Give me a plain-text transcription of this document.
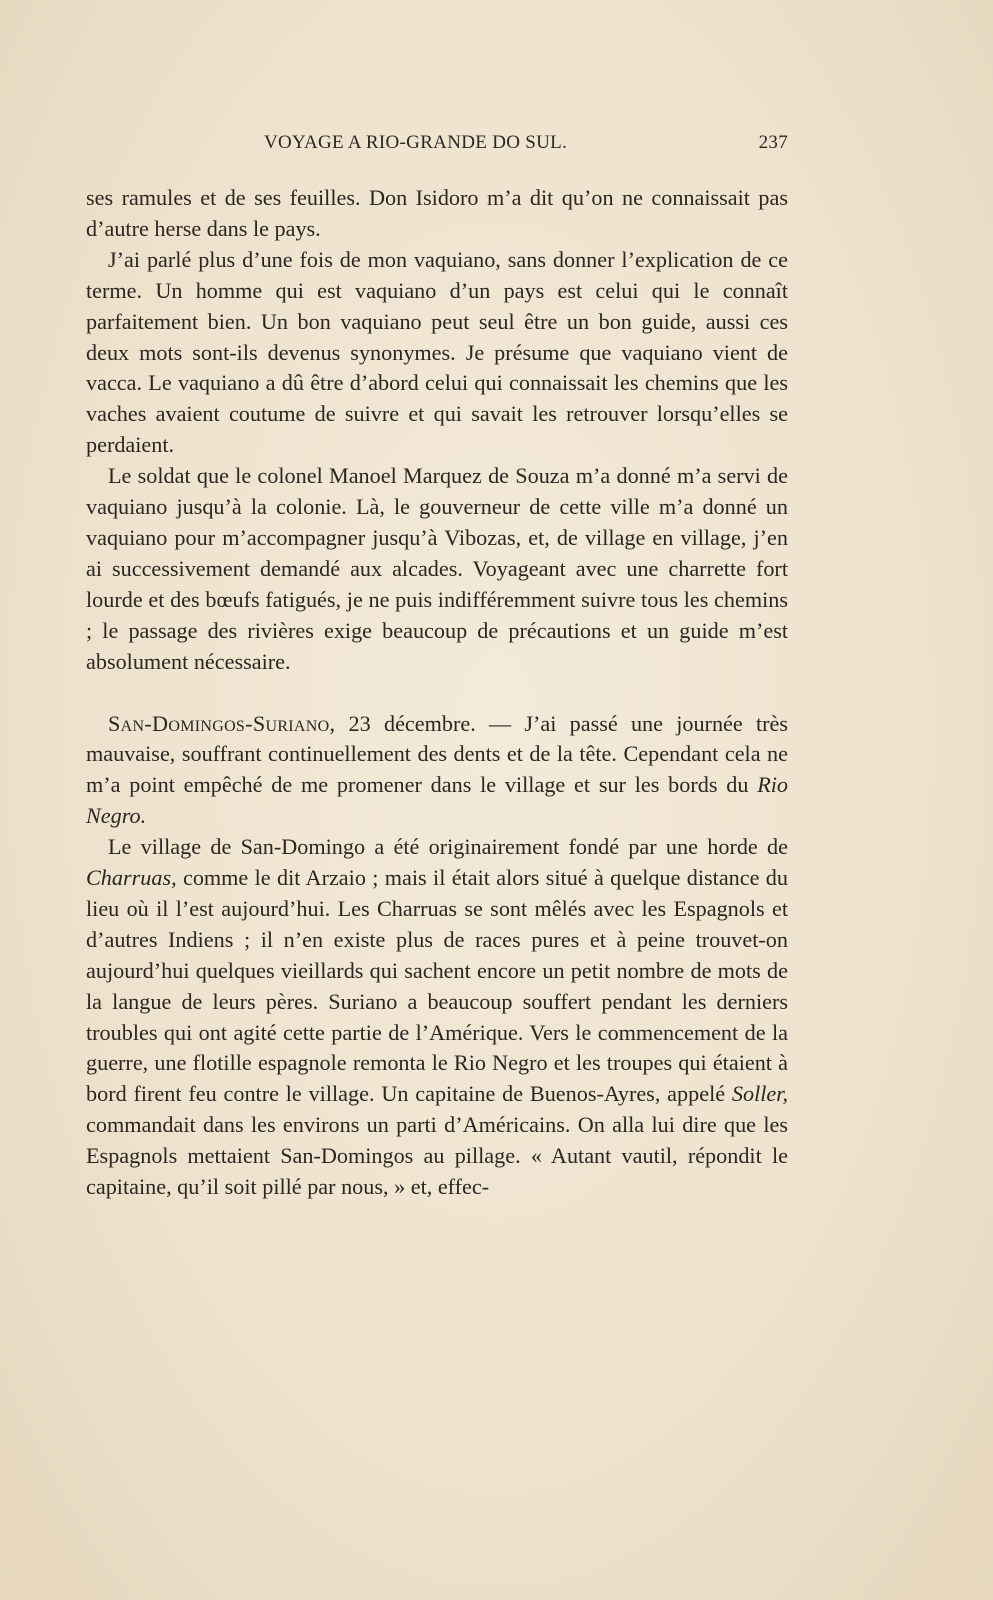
VOYAGE A RIO-GRANDE DO SUL.	237

ses ramules et de ses feuilles. Don Isidoro m’a dit qu’on ne connaissait pas d’autre herse dans le pays.

J’ai parlé plus d’une fois de mon vaquiano, sans donner l’explication de ce terme. Un homme qui est vaquiano d’un pays est celui qui le connaît parfaitement bien. Un bon vaquiano peut seul être un bon guide, aussi ces deux mots sont-ils devenus synonymes. Je présume que vaquiano vient de vacca. Le vaquiano a dû être d’abord celui qui connaissait les chemins que les vaches avaient coutume de suivre et qui savait les retrouver lorsqu’elles se perdaient.

Le soldat que le colonel Manoel Marquez de Souza m’a donné m’a servi de vaquiano jusqu’à la colonie. Là, le gouverneur de cette ville m’a donné un vaquiano pour m’accompagner jusqu’à Vibozas, et, de village en village, j’en ai successivement demandé aux alcades. Voyageant avec une charrette fort lourde et des bœufs fatigués, je ne puis indifféremment suivre tous les chemins ; le passage des rivières exige beaucoup de précautions et un guide m’est absolument nécessaire.

San-Domingos-Suriano, 23 décembre. — J’ai passé une journée très mauvaise, souffrant continuellement des dents et de la tête. Cependant cela ne m’a point empêché de me promener dans le village et sur les bords du Rio Negro.

Le village de San-Domingo a été originairement fondé par une horde de Charruas, comme le dit Arzaio ; mais il était alors situé à quelque distance du lieu où il l’est aujourd’hui. Les Charruas se sont mêlés avec les Espagnols et d’autres Indiens ; il n’en existe plus de races pures et à peine trouvet-on aujourd’hui quelques vieillards qui sachent encore un petit nombre de mots de la langue de leurs pères. Suriano a beaucoup souffert pendant les derniers troubles qui ont agité cette partie de l’Amérique. Vers le commencement de la guerre, une flotille espagnole remonta le Rio Negro et les troupes qui étaient à bord firent feu contre le village. Un capitaine de Buenos-Ayres, appelé Soller, commandait dans les environs un parti d’Américains. On alla lui dire que les Espagnols mettaient San-Domingos au pillage. « Autant vautil, répondit le capitaine, qu’il soit pillé par nous, » et, effec-
